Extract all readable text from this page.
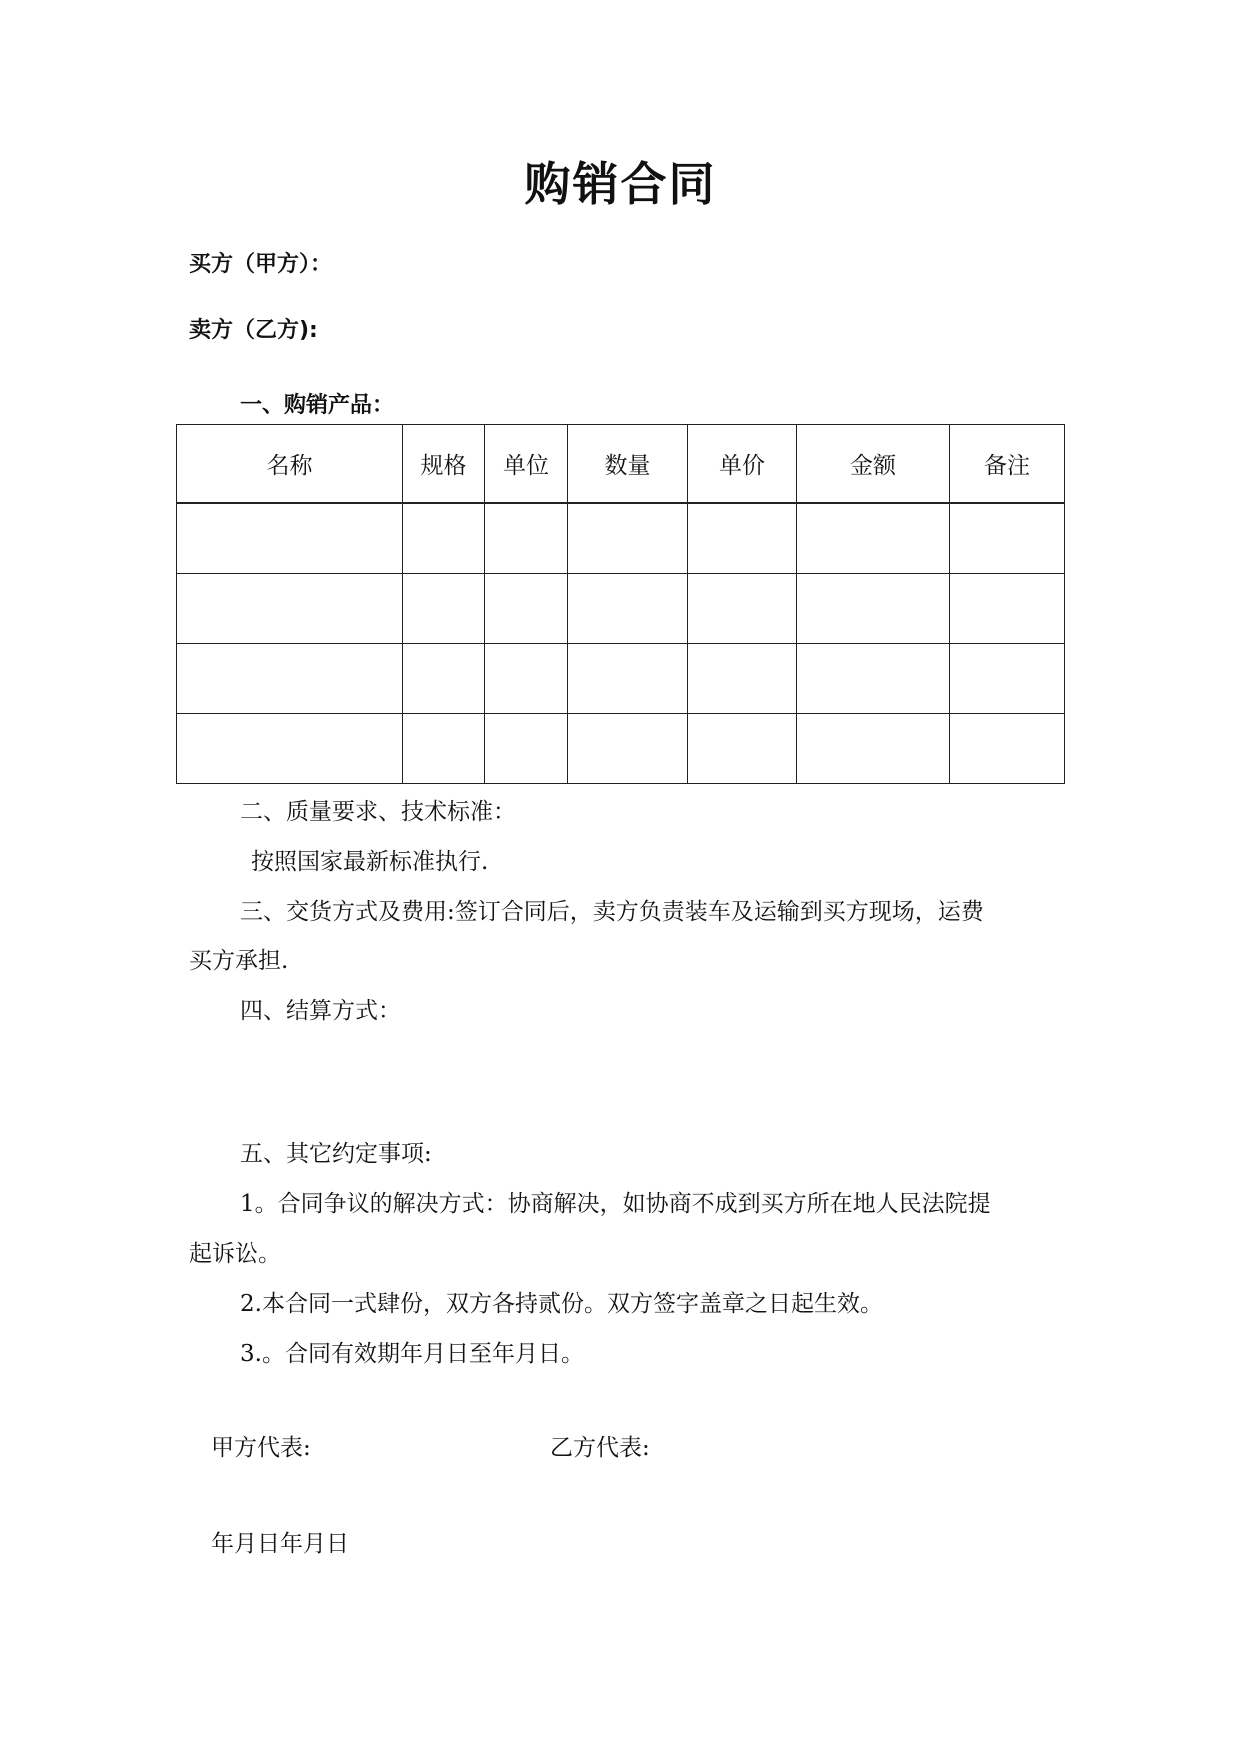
购销合同
买方（甲方）：
卖方（乙方):
一、购销产品：
名称	规格	单位	数量	单价	金额	备注

二、质量要求、技术标准：
按照国家最新标准执行.
三、交货方式及费用:签订合同后，卖方负责装车及运输到买方现场，运费
买方承担.
四、结算方式：
五、其它约定事项:
1。合同争议的解决方式：协商解决，如协商不成到买方所在地人民法院提
起诉讼。
2.本合同一式肆份，双方各持贰份。双方签字盖章之日起生效。
3.。合同有效期年月日至年月日。
甲方代表:	乙方代表:
年月日年月日
